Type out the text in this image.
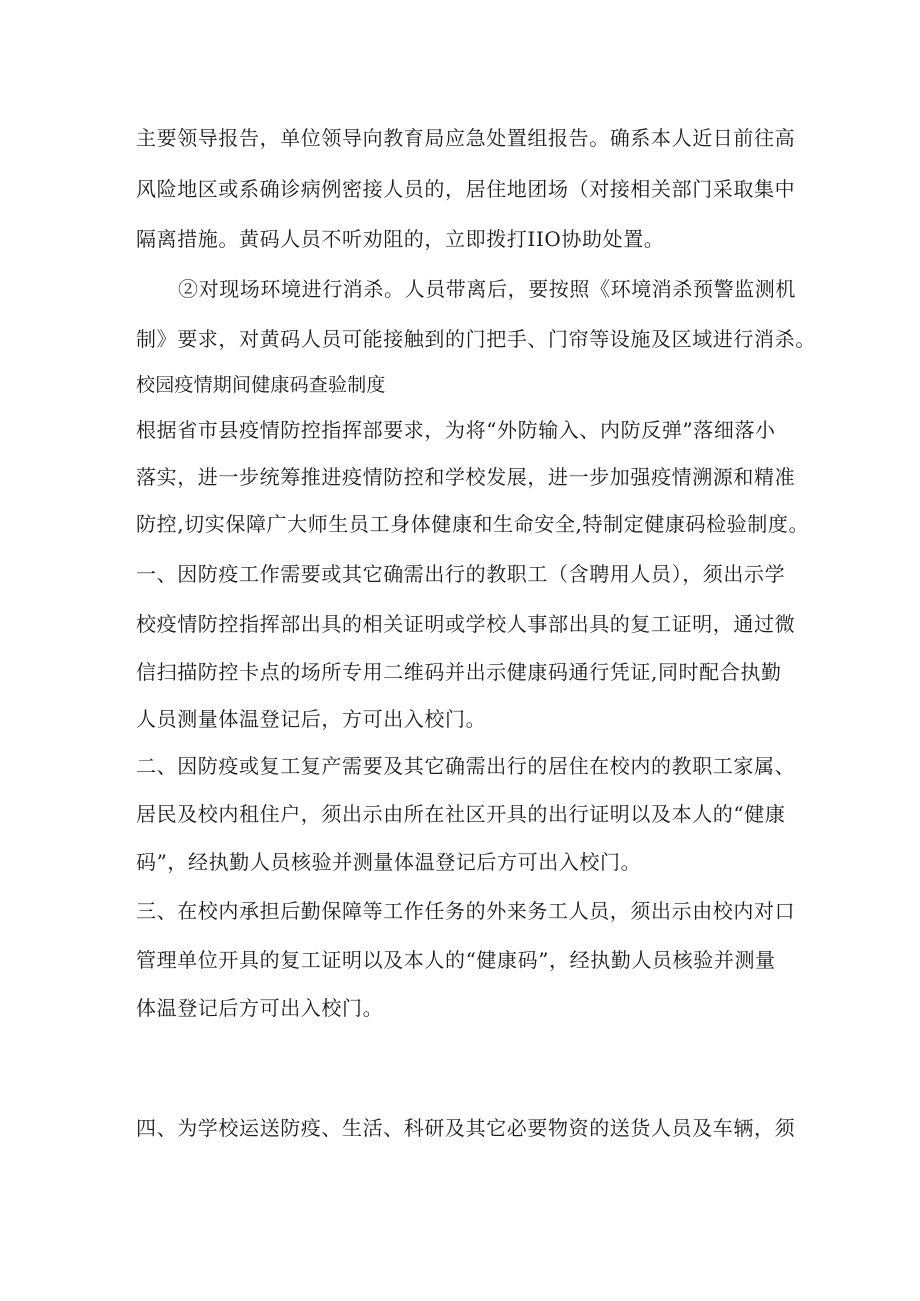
主要领导报告，单位领导向教育局应急处置组报告。确系本人近日前往高
风险地区或系确诊病例密接人员的，居住地团场（对接相关部门采取集中
隔离措施。黄码人员不听劝阻的，立即拨打IIO协助处置。
②对现场环境进行消杀。人员带离后，要按照《环境消杀预警监测机
制》要求，对黄码人员可能接触到的门把手、门帘等设施及区域进行消杀。
校园疫情期间健康码查验制度
根据省市县疫情防控指挥部要求，为将“外防输入、内防反弹”落细落小
落实，进一步统筹推进疫情防控和学校发展，进一步加强疫情溯源和精准
防控,切实保障广大师生员工身体健康和生命安全,特制定健康码检验制度。
一、因防疫工作需要或其它确需出行的教职工（含聘用人员），须出示学
校疫情防控指挥部出具的相关证明或学校人事部出具的复工证明，通过微
信扫描防控卡点的场所专用二维码并出示健康码通行凭证,同时配合执勤
人员测量体温登记后，方可出入校门。
二、因防疫或复工复产需要及其它确需出行的居住在校内的教职工家属、
居民及校内租住户，须出示由所在社区开具的出行证明以及本人的“健康
码”，经执勤人员核验并测量体温登记后方可出入校门。
三、在校内承担后勤保障等工作任务的外来务工人员，须出示由校内对口
管理单位开具的复工证明以及本人的“健康码”，经执勤人员核验并测量
体温登记后方可出入校门。
四、为学校运送防疫、生活、科研及其它必要物资的送货人员及车辆，须
